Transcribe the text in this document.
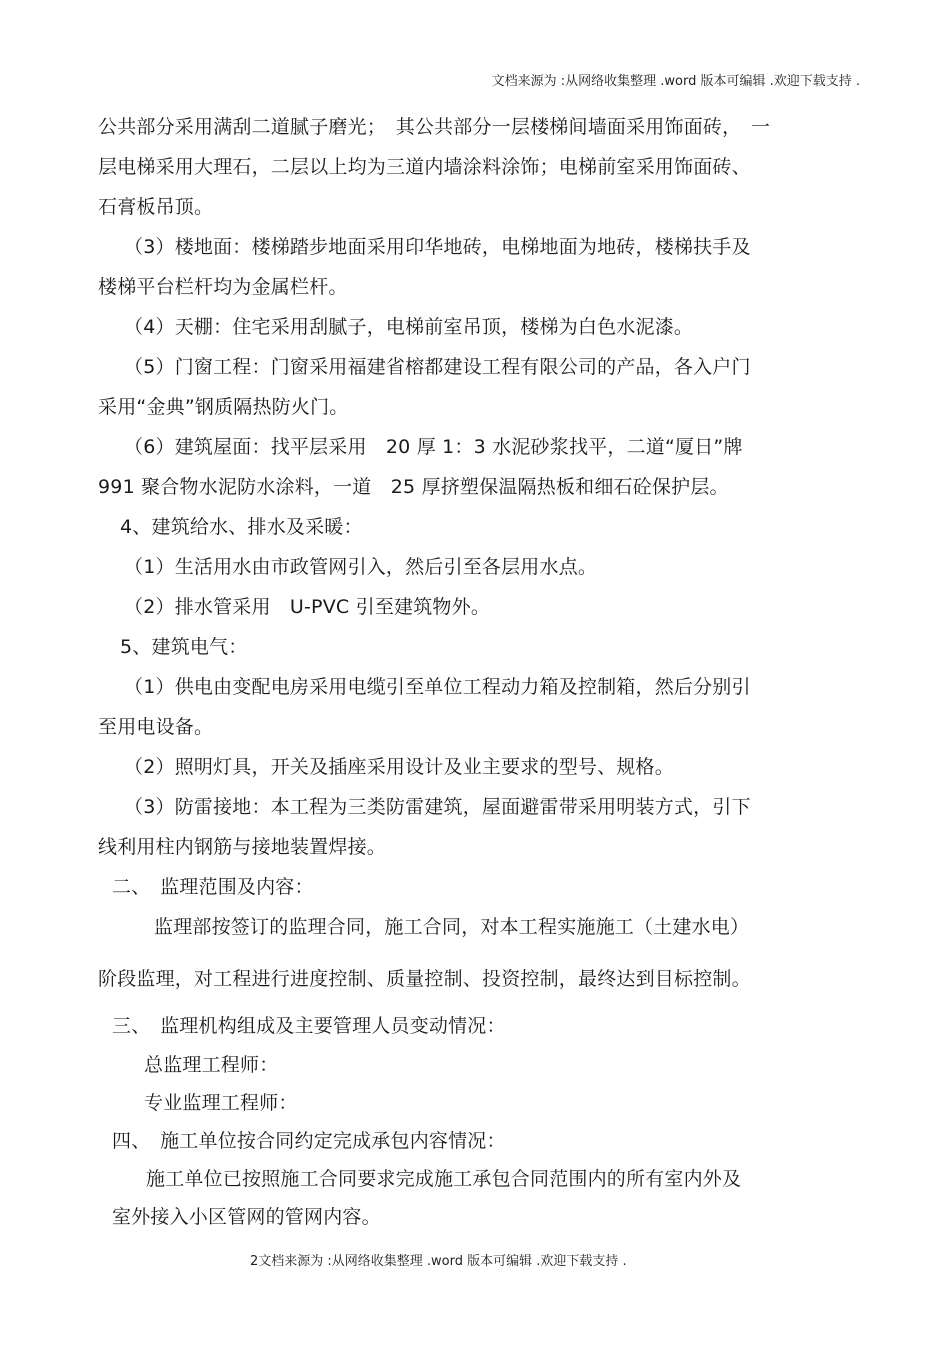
文档来源为 :从网络收集整理 .word 版本可编辑 .欢迎下载支持 .
公共部分采用满刮二道腻子磨光；　其公共部分一层楼梯间墙面采用饰面砖，　一
层电梯采用大理石，二层以上均为三道内墙涂料涂饰；电梯前室采用饰面砖、
石膏板吊顶。
（3）楼地面：楼梯踏步地面采用印华地砖，电梯地面为地砖，楼梯扶手及
楼梯平台栏杆均为金属栏杆。
（4）天棚：住宅采用刮腻子，电梯前室吊顶，楼梯为白色水泥漆。
（5）门窗工程：门窗采用福建省榕都建设工程有限公司的产品，各入户门
采用“金典”钢质隔热防火门。
（6）建筑屋面：找平层采用　20 厚 1：3 水泥砂浆找平，二道“厦日”牌
991 聚合物水泥防水涂料，一道　25 厚挤塑保温隔热板和细石砼保护层。
4、建筑给水、排水及采暖：
（1）生活用水由市政管网引入，然后引至各层用水点。
（2）排水管采用　U-PVC 引至建筑物外。
5、建筑电气：
（1）供电由变配电房采用电缆引至单位工程动力箱及控制箱，然后分别引
至用电设备。
（2）照明灯具，开关及插座采用设计及业主要求的型号、规格。
（3）防雷接地：本工程为三类防雷建筑，屋面避雷带采用明装方式，引下
线利用柱内钢筋与接地装置焊接。
二、　监理范围及内容：
监理部按签订的监理合同，施工合同，对本工程实施施工（土建水电）
阶段监理，对工程进行进度控制、质量控制、投资控制，最终达到目标控制。
三、　监理机构组成及主要管理人员变动情况：
总监理工程师：
专业监理工程师：
四、　施工单位按合同约定完成承包内容情况：
施工单位已按照施工合同要求完成施工承包合同范围内的所有室内外及
室外接入小区管网的管网内容。
2文档来源为 :从网络收集整理 .word 版本可编辑 .欢迎下载支持 .
